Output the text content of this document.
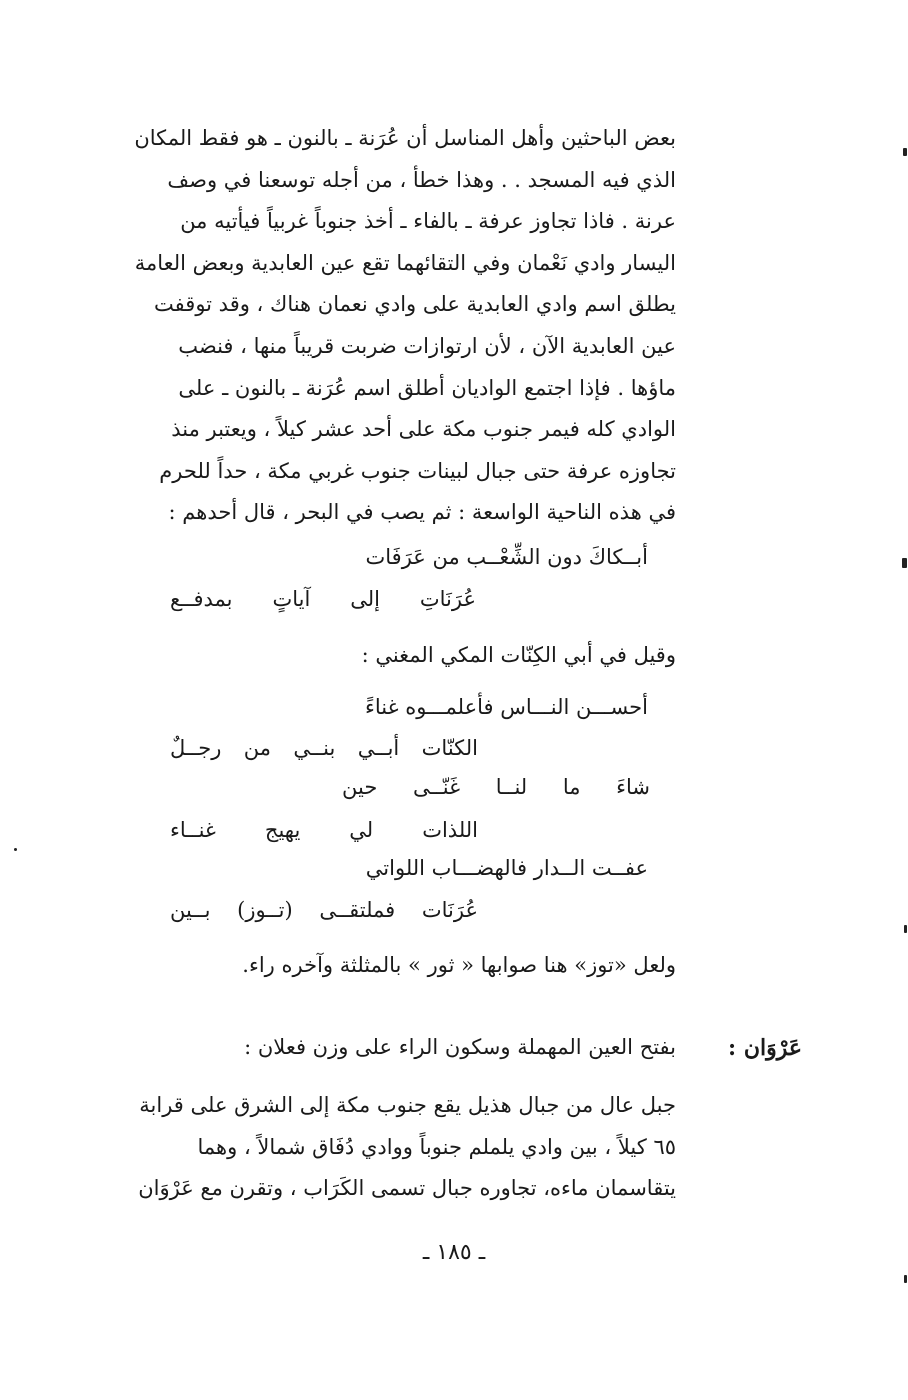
بعض الباحثين وأهل المناسل أن عُرَنة ـ بالنون ـ هو فقط المكان
الذي فيه المسجد . . وهذا خطأ ، من أجله توسعنا في وصف
عرنة . فاذا تجاوز عرفة ـ بالفاء ـ أخذ جنوباً غربياً فيأتيه من
اليسار وادي نَعْمان وفي التقائهما تقع عين العابدية وبعض العامة
يطلق اسم وادي العابدية على وادي نعمان هناك ، وقد توقفت
عين العابدية الآن ، لأن ارتوازات ضربت قريباً منها ، فنضب
ماؤها . فإذا اجتمع الواديان أطلق اسم عُرَنة ـ بالنون ـ على
الوادي كله فيمر جنوب مكة على أحد عشر كيلاً ، ويعتبر منذ
تجاوزه عرفة حتى جبال لبينات جنوب غربي مكة ، حداً للحرم
في هذه الناحية الواسعة : ثم يصب في البحر ، قال أحدهم :
أبــكاكَ دون الشِّعْــب من عَرَفَات
بمدفــع آياتٍ إلى عُرَنَاتِ
وقيل في أبي الكِنّات المكي المغني :
أحســـن النـــاس فأعلمـــوه غناءً
رجــلٌ من بنــي أبــي الكنّات
حين غَنّــى لنــا ما شاءَ
غنــاء يهيج لي اللذات
عفــت الــدار فالهضـــاب اللواتي
بــين (تــوز) فملتقــى عُرَنَات
ولعل «توز» هنا صوابها « ثور » بالمثلثة وآخره راء.
عَرْوَان :
بفتح العين المهملة وسكون الراء على وزن فعلان :
جبل عال من جبال هذيل يقع جنوب مكة إلى الشرق على قرابة
٦٥ كيلاً ، بين وادي يلملم جنوباً ووادي دُفَاق شمالاً ، وهما
يتقاسمان ماءه، تجاوره جبال تسمى الكَرَاب ، وتقرن مع عَرْوَان
ـ ١٨٥ ـ
